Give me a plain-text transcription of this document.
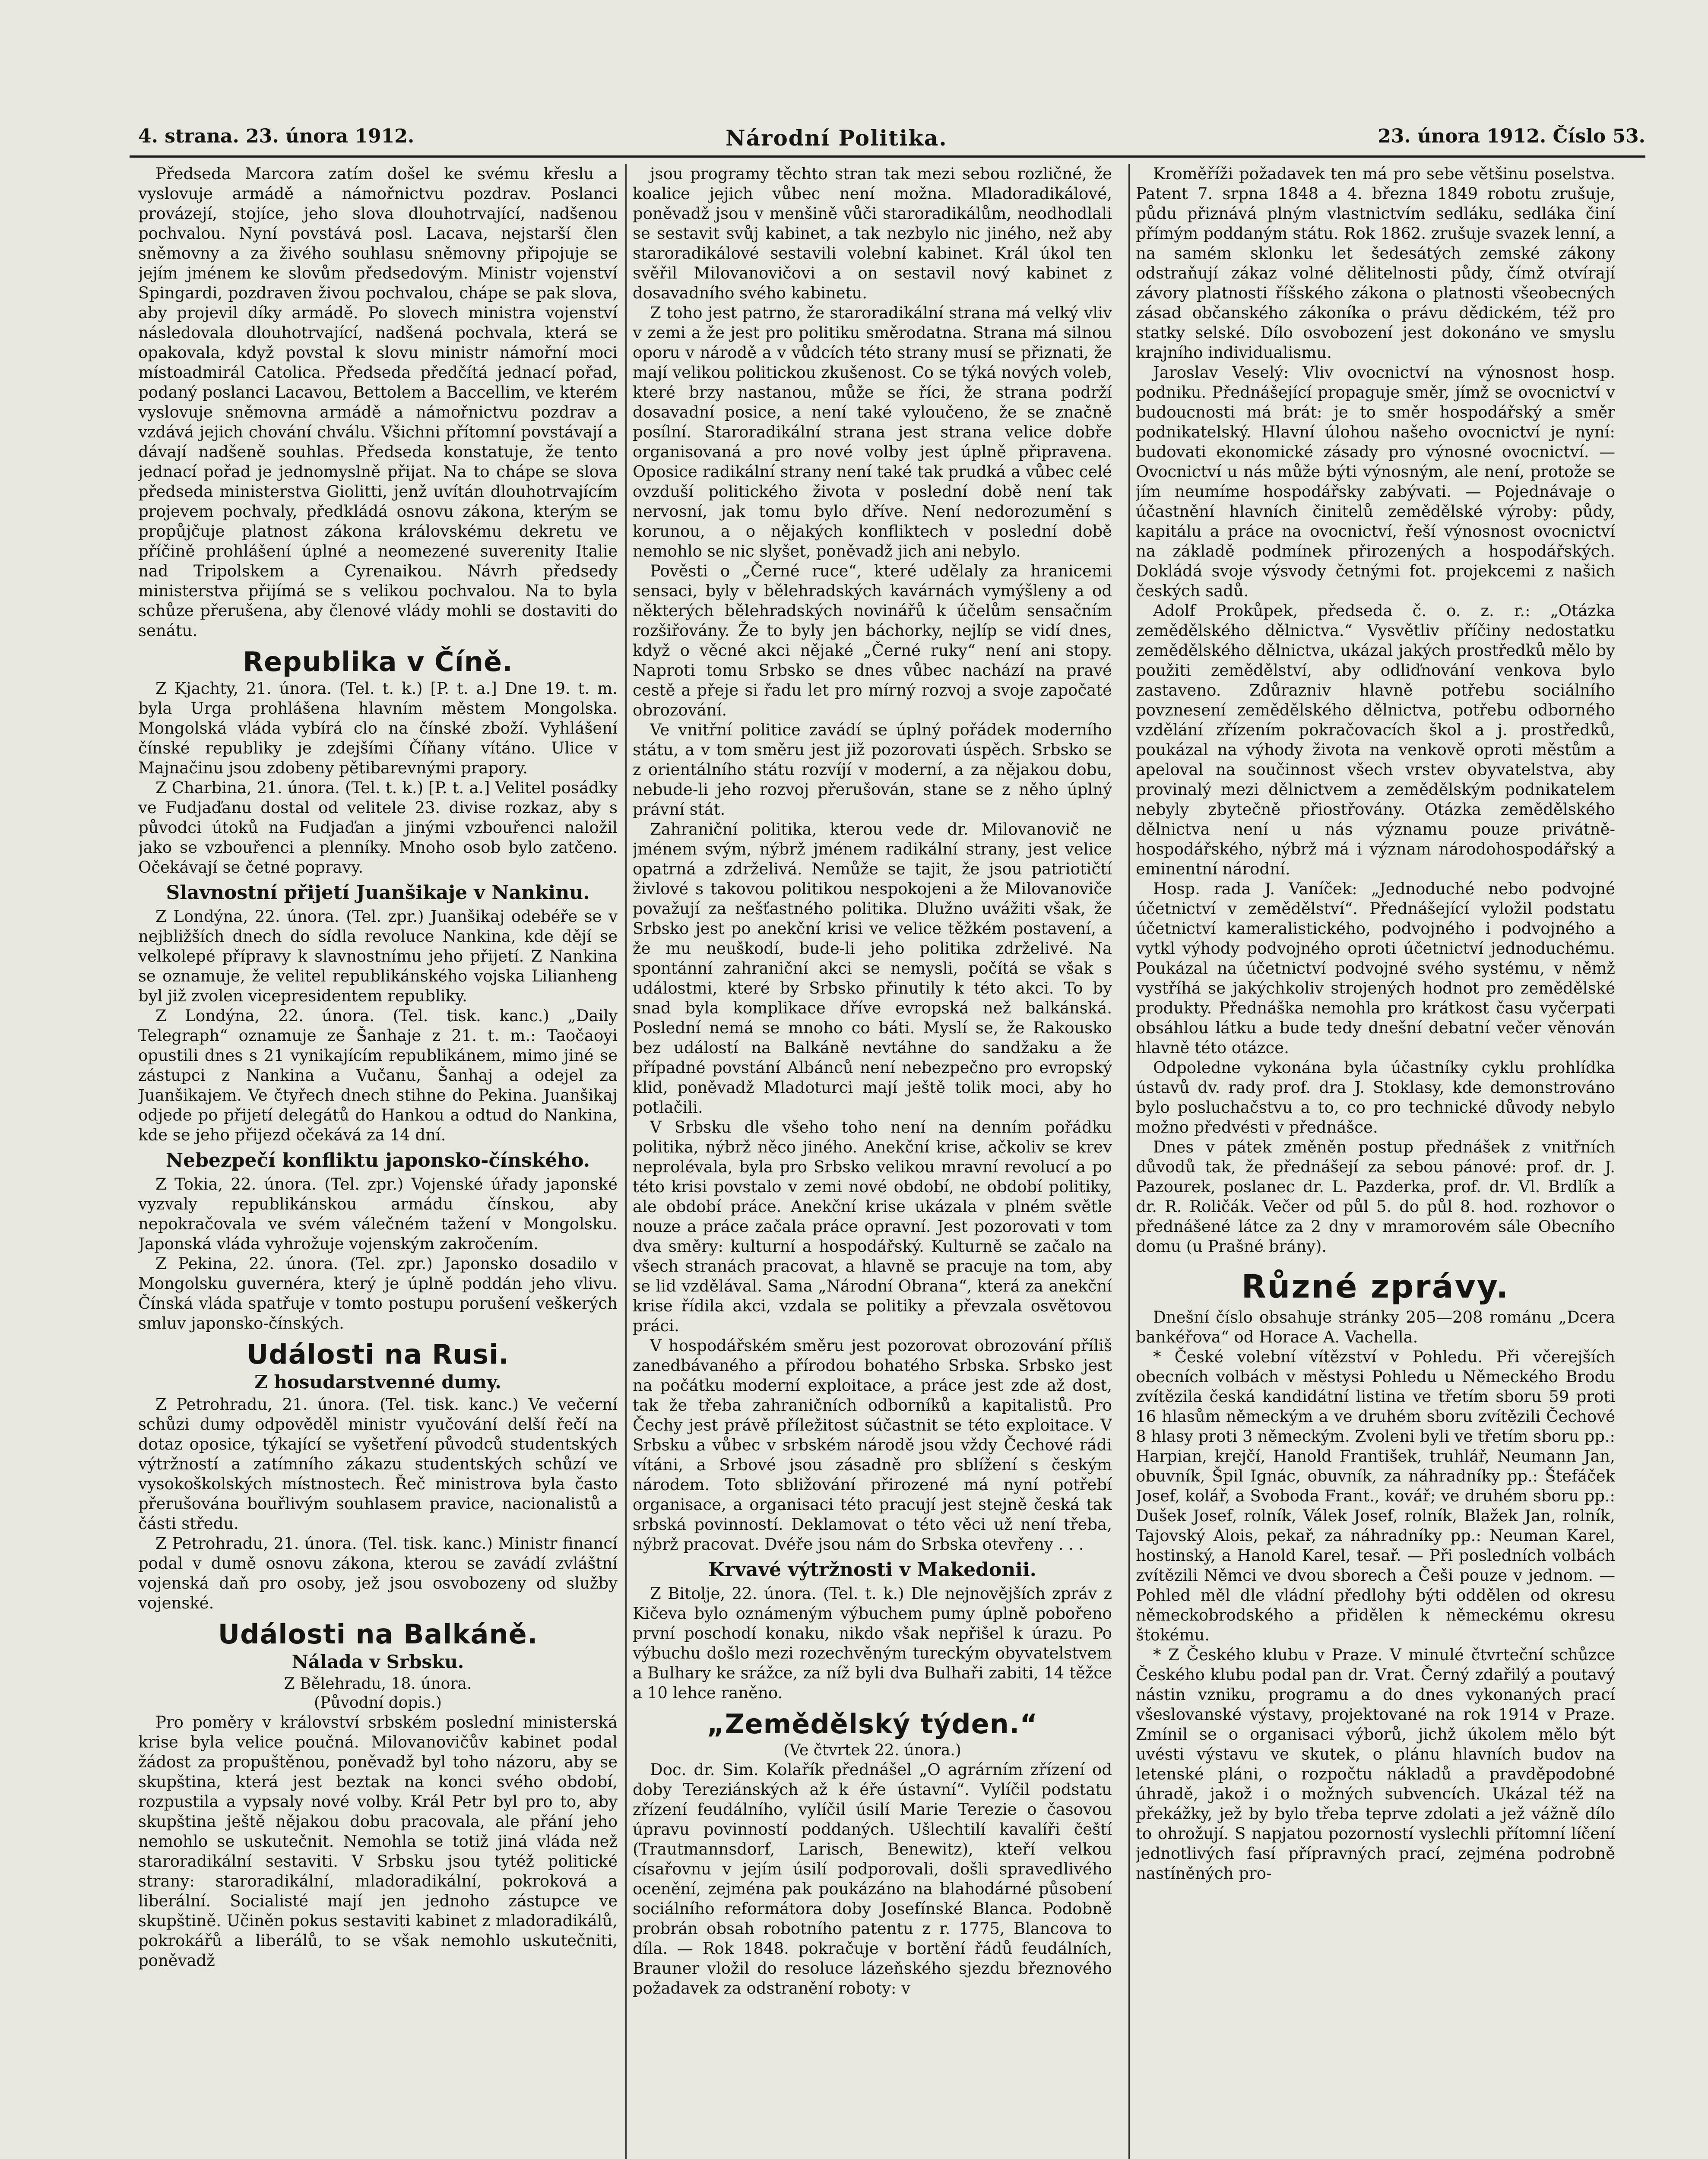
4. strana. 23. února 1912.	Národní Politika.	23. února 1912. Číslo 53.

Předseda Marcora zatím došel ke svému křeslu a vyslovuje armádě a námořnictvu pozdrav. Poslanci provázejí, stojíce, jeho slova dlouhotrvající, nadšenou pochvalou. Nyní povstává posl. Lacava, nejstarší člen sněmovny a za živého souhlasu sněmovny připojuje se jejím jménem ke slovům předsedovým. Ministr vojenství Spingardi, pozdraven živou pochvalou, chápe se pak slova, aby projevil díky armádě. Po slovech ministra vojenství následovala dlouhotrvající, nadšená pochvala, která se opakovala, když povstal k slovu ministr námořní moci místoadmirál Catolica. Předseda předčítá jednací pořad, podaný poslanci Lacavou, Bettolem a Baccellim, ve kterém vyslovuje sněmovna armádě a námořnictvu pozdrav a vzdává jejich chování chválu. Všichni přítomní povstávají a dávají nadšeně souhlas. Předseda konstatuje, že tento jednací pořad je jednomyslně přijat. Na to chápe se slova předseda ministerstva Giolitti, jenž uvítán dlouhotrvajícím projevem pochvaly, předkládá osnovu zákona, kterým se propůjčuje platnost zákona královskému dekretu ve příčině prohlášení úplné a neomezené suverenity Italie nad Tripolskem a Cyrenaikou. Návrh předsedy ministerstva přijímá se s velikou pochvalou. Na to byla schůze přerušena, aby členové vlády mohli se dostaviti do senátu.

Republika v Číně.

Z Kjachty, 21. února. (Tel. t. k.) [P. t. a.] Dne 19. t. m. byla Urga prohlášena hlavním městem Mongolska. Mongolská vláda vybírá clo na čínské zboží. Vyhlášení čínské republiky je zdejšími Číňany vítáno. Ulice v Majnačinu jsou zdobeny pětibarevnými prapory.

Z Charbina, 21. února. (Tel. t. k.) [P. t. a.] Velitel posádky ve Fudjaďanu dostal od velitele 23. divise rozkaz, aby s původci útoků na Fudjaďan a jinými vzbouřenci naložil jako se vzbouřenci a plenníky. Mnoho osob bylo zatčeno. Očekávají se četné popravy.

Slavnostní přijetí Juanšikaje v Nankinu.

Z Londýna, 22. února. (Tel. zpr.) Juanšikaj odebéře se v nejbližších dnech do sídla revoluce Nankina, kde dějí se velkolepé přípravy k slavnostnímu jeho přijetí. Z Nankina se oznamuje, že velitel republikánského vojska Lilianheng byl již zvolen vicepresidentem republiky.

Z Londýna, 22. února. (Tel. tisk. kanc.) „Daily Telegraph“ oznamuje ze Šanhaje z 21. t. m.: Taočaoyi opustili dnes s 21 vynikajícím republikánem, mimo jiné se zástupci z Nankina a Vučanu, Šanhaj a odejel za Juanšikajem. Ve čtyřech dnech stihne do Pekina. Juanšikaj odjede po přijetí delegátů do Hankou a odtud do Nankina, kde se jeho přijezd očekává za 14 dní.

Nebezpečí konfliktu japonsko-čínského.

Z Tokia, 22. února. (Tel. zpr.) Vojenské úřady japonské vyzvaly republikánskou armádu čínskou, aby nepokračovala ve svém válečném tažení v Mongolsku. Japonská vláda vyhrožuje vojenským zakročením.

Z Pekina, 22. února. (Tel. zpr.) Japonsko dosadilo v Mongolsku guvernéra, který je úplně poddán jeho vlivu. Čínská vláda spatřuje v tomto postupu porušení veškerých smluv japonsko-čínských.

Události na Rusi.
Z hosudarstvenné dumy.

Z Petrohradu, 21. února. (Tel. tisk. kanc.) Ve večerní schůzi dumy odpověděl ministr vyučování delší řečí na dotaz oposice, týkající se vyšetření původců studentských výtržností a zatímního zákazu studentských schůzí ve vysokoškolských místnostech. Řeč ministrova byla často přerušována bouřlivým souhlasem pravice, nacionalistů a části středu.

Z Petrohradu, 21. února. (Tel. tisk. kanc.) Ministr financí podal v dumě osnovu zákona, kterou se zavádí zvláštní vojenská daň pro osoby, jež jsou osvobozeny od služby vojenské.

Události na Balkáně.
Nálada v Srbsku.
Z Bělehradu, 18. února.
(Původní dopis.)

Pro poměry v království srbském poslední ministerská krise byla velice poučná. Milovanovičův kabinet podal žádost za propuštěnou, poněvadž byl toho názoru, aby se skupština, která jest beztak na konci svého období, rozpustila a vypsaly nové volby. Král Petr byl pro to, aby skupština ještě nějakou dobu pracovala, ale přání jeho nemohlo se uskutečnit. Nemohla se totiž jiná vláda než staroradikální sestaviti. V Srbsku jsou tytéž politické strany: staroradikální, mladoradikální, pokroková a liberální. Socialisté mají jen jednoho zástupce ve skupštině. Učiněn pokus sestaviti kabinet z mladoradikálů, pokrokářů a liberálů, to se však nemohlo uskutečniti, poněvadž

jsou programy těchto stran tak mezi sebou rozličné, že koalice jejich vůbec není možna. Mladoradikálové, poněvadž jsou v menšině vůči staroradikálům, neodhodlali se sestavit svůj kabinet, a tak nezbylo nic jiného, než aby staroradikálové sestavili volební kabinet. Král úkol ten svěřil Milovanovičovi a on sestavil nový kabinet z dosavadního svého kabinetu.

Z toho jest patrno, že staroradikální strana má velký vliv v zemi a že jest pro politiku směrodatna. Strana má silnou oporu v národě a v vůdcích této strany musí se přiznati, že mají velikou politickou zkušenost. Co se týká nových voleb, které brzy nastanou, může se říci, že strana podrží dosavadní posice, a není také vyloučeno, že se značně posílní. Staroradikální strana jest strana velice dobře organisovaná a pro nové volby jest úplně připravena. Oposice radikální strany není také tak prudká a vůbec celé ovzduší politického života v poslední době není tak nervosní, jak tomu bylo dříve. Není nedorozumění s korunou, a o nějakých konfliktech v poslední době nemohlo se nic slyšet, poněvadž jich ani nebylo.

Pověsti o „Černé ruce“, které udělaly za hranicemi sensaci, byly v bělehradských kavárnách vymýšleny a od některých bělehradských novinářů k účelům sensačním rozšiřovány. Že to byly jen báchorky, nejlíp se vidí dnes, když o věcné akci nějaké „Černé ruky“ není ani stopy. Naproti tomu Srbsko se dnes vůbec nachází na pravé cestě a přeje si řadu let pro mírný rozvoj a svoje započaté obrozování.

Ve vnitřní politice zavádí se úplný pořádek moderního státu, a v tom směru jest již pozorovati úspěch. Srbsko se z orientálního státu rozvíjí v moderní, a za nějakou dobu, nebude-li jeho rozvoj přerušován, stane se z něho úplný právní stát.

Zahraniční politika, kterou vede dr. Milovanovič ne jménem svým, nýbrž jménem radikální strany, jest velice opatrná a zdrželivá. Nemůže se tajit, že jsou patriotičtí živlové s takovou politikou nespokojeni a že Milovanoviče považují za nešťastného politika. Dlužno uvážiti však, že Srbsko jest po anekční krisi ve velice těžkém postavení, a že mu neuškodí, bude-li jeho politika zdrželivé. Na spontánní zahraniční akci se nemysli, počítá se však s událostmi, které by Srbsko přinutily k této akci. To by snad byla komplikace dříve evropská než balkánská. Poslední nemá se mnoho co báti. Myslí se, že Rakousko bez událostí na Balkáně nevtáhne do sandžaku a že případné povstání Albánců není nebezpečno pro evropský klid, poněvadž Mladoturci mají ještě tolik moci, aby ho potlačili.

V Srbsku dle všeho toho není na denním pořádku politika, nýbrž něco jiného. Anekční krise, ačkoliv se krev neprolévala, byla pro Srbsko velikou mravní revolucí a po této krisi povstalo v zemi nové období, ne období politiky, ale období práce. Anekční krise ukázala v plném světle nouze a práce začala práce opravní. Jest pozorovati v tom dva směry: kulturní a hospodářský. Kulturně se začalo na všech stranách pracovat, a hlavně se pracuje na tom, aby se lid vzdělával. Sama „Národní Obrana“, která za anekční krise řídila akci, vzdala se politiky a převzala osvětovou práci.

V hospodářském směru jest pozorovat obrozování příliš zanedbávaného a přírodou bohatého Srbska. Srbsko jest na počátku moderní exploitace, a práce jest zde až dost, tak že třeba zahraničních odborníků a kapitalistů. Pro Čechy jest právě příležitost súčastnit se této exploitace. V Srbsku a vůbec v srbském národě jsou vždy Čechové rádi vítáni, a Srbové jsou zásadně pro sblížení s českým národem. Toto sbližování přirozené má nyní potřebí organisace, a organisaci této pracují jest stejně česká tak srbská povinností. Deklamovat o této věci už není třeba, nýbrž pracovat. Dvéře jsou nám do Srbska otevřeny . . .

Krvavé výtržnosti v Makedonii.

Z Bitolje, 22. února. (Tel. t. k.) Dle nejnovějších zpráv z Kičeva bylo oznámeným výbuchem pumy úplně pobořeno první poschodí konaku, nikdo však nepřišel k úrazu. Po výbuchu došlo mezi rozechvěným tureckým obyvatelstvem a Bulhary ke srážce, za níž byli dva Bulhaři zabiti, 14 těžce a 10 lehce raněno.

„Zemědělský týden.“
(Ve čtvrtek 22. února.)

Doc. dr. Sim. Kolařík přednášel „O agrárním zřízení od doby Tereziánských až k éře ústavní“. Vylíčil podstatu zřízení feudálního, vylíčil úsilí Marie Terezie o časovou úpravu povinností poddaných. Ušlechtilí kavalíři čeští (Trautmannsdorf, Larisch, Benewitz), kteří velkou císařovnu v jejím úsilí podporovali, došli spravedlivého ocenění, zejména pak poukázáno na blahodárné působení sociálního reformátora doby Josefínské Blanca. Podobně probrán obsah robotního patentu z r. 1775, Blancova to díla. — Rok 1848. pokračuje v bortění řádů feudálních, Brauner vložil do resoluce lázeňského sjezdu březnového požadavek za odstranění roboty: v

Kroměříži požadavek ten má pro sebe většinu poselstva. Patent 7. srpna 1848 a 4. března 1849 robotu zrušuje, půdu přiznává plným vlastnictvím sedláku, sedláka činí přímým poddaným státu. Rok 1862. zrušuje svazek lenní, a na samém sklonku let šedesátých zemské zákony odstraňují zákaz volné dělitelnosti půdy, čímž otvírají závory platnosti říšského zákona o platnosti všeobecných zásad občanského zákoníka o právu dědickém, též pro statky selské. Dílo osvobození jest dokonáno ve smyslu krajního individualismu.

Jaroslav Veselý: Vliv ovocnictví na výnosnost hosp. podniku. Přednášející propaguje směr, jímž se ovocnictví v budoucnosti má brát: je to směr hospodářský a směr podnikatelský. Hlavní úlohou našeho ovocnictví je nyní: budovati ekonomické zásady pro výnosné ovocnictví. — Ovocnictví u nás může býti výnosným, ale není, protože se jím neumíme hospodářsky zabývati. — Pojednávaje o účastnění hlavních činitelů zemědělské výroby: půdy, kapitálu a práce na ovocnictví, řeší výnosnost ovocnictví na základě podmínek přirozených a hospodářských. Dokládá svoje výsvody četnými fot. projekcemi z našich českých sadů.

Adolf Prokůpek, předseda č. o. z. r.: „Otázka zemědělského dělnictva.“ Vysvětliv příčiny nedostatku zemědělského dělnictva, ukázal jakých prostředků mělo by použiti zemědělství, aby odliďnování venkova bylo zastaveno. Zdůrazniv hlavně potřebu sociálního povznesení zemědělského dělnictva, potřebu odborného vzdělání zřízením pokračovacích škol a j. prostředků, poukázal na výhody života na venkově oproti městům a apeloval na součinnost všech vrstev obyvatelstva, aby provinalý mezi dělnictvem a zemědělským podnikatelem nebyly zbytečně přiostřovány. Otázka zemědělského dělnictva není u nás významu pouze privátně-hospodářského, nýbrž má i význam národohospodářský a eminentní národní.

Hosp. rada J. Vaníček: „Jednoduché nebo podvojné účetnictví v zemědělství“. Přednášející vyložil podstatu účetnictví kameralistického, podvojného i podvojného a vytkl výhody podvojného oproti účetnictví jednoduchému. Poukázal na účetnictví podvojné svého systému, v němž vystříhá se jakýchkoliv strojených hodnot pro zemědělské produkty. Přednáška nemohla pro krátkost času vyčerpati obsáhlou látku a bude tedy dnešní debatní večer věnován hlavně této otázce.

Odpoledne vykonána byla účastníky cyklu prohlídka ústavů dv. rady prof. dra J. Stoklasy, kde demonstrováno bylo posluchačstvu a to, co pro technické důvody nebylo možno předvésti v přednášce.

Dnes v pátek změněn postup přednášek z vnitřních důvodů tak, že přednášejí za sebou pánové: prof. dr. J. Pazourek, poslanec dr. L. Pazderka, prof. dr. Vl. Brdlík a dr. R. Roličák. Večer od půl 5. do půl 8. hod. rozhovor o přednášené látce za 2 dny v mramorovém sále Obecního domu (u Prašné brány).

Různé zprávy.

Dnešní číslo obsahuje stránky 205—208 románu „Dcera bankéřova“ od Horace A. Vachella.

* České volební vítězství v Pohledu. Při včerejších obecních volbách v městysi Pohledu u Německého Brodu zvítězila česká kandidátní listina ve třetím sboru 59 proti 16 hlasům německým a ve druhém sboru zvítězili Čechové 8 hlasy proti 3 německým. Zvoleni byli ve třetím sboru pp.: Harpian, krejčí, Hanold František, truhlář, Neumann Jan, obuvník, Špil Ignác, obuvník, za náhradníky pp.: Štefáček Josef, kolář, a Svoboda Frant., kovář; ve druhém sboru pp.: Dušek Josef, rolník, Válek Josef, rolník, Blažek Jan, rolník, Tajovský Alois, pekař, za náhradníky pp.: Neuman Karel, hostinský, a Hanold Karel, tesař. — Při posledních volbách zvítězili Němci ve dvou sborech a Češi pouze v jednom. — Pohled měl dle vládní předlohy býti oddělen od okresu německobrodského a přidělen k německému okresu štokému.

* Z Českého klubu v Praze. V minulé čtvrteční schůzce Českého klubu podal pan dr. Vrat. Černý zdařilý a poutavý nástin vzniku, programu a do dnes vykonaných prací všeslovanské výstavy, projektované na rok 1914 v Praze. Zmínil se o organisaci výborů, jichž úkolem mělo být uvésti výstavu ve skutek, o plánu hlavních budov na letenské pláni, o rozpočtu nákladů a pravděpodobné úhradě, jakož i o možných subvencích. Ukázal též na překážky, jež by bylo třeba teprve zdolati a jež vážně dílo to ohrožují. S napjatou pozorností vyslechli přítomní líčení jednotlivých fasí přípravných prací, zejména podrobně nastíněných pro-
